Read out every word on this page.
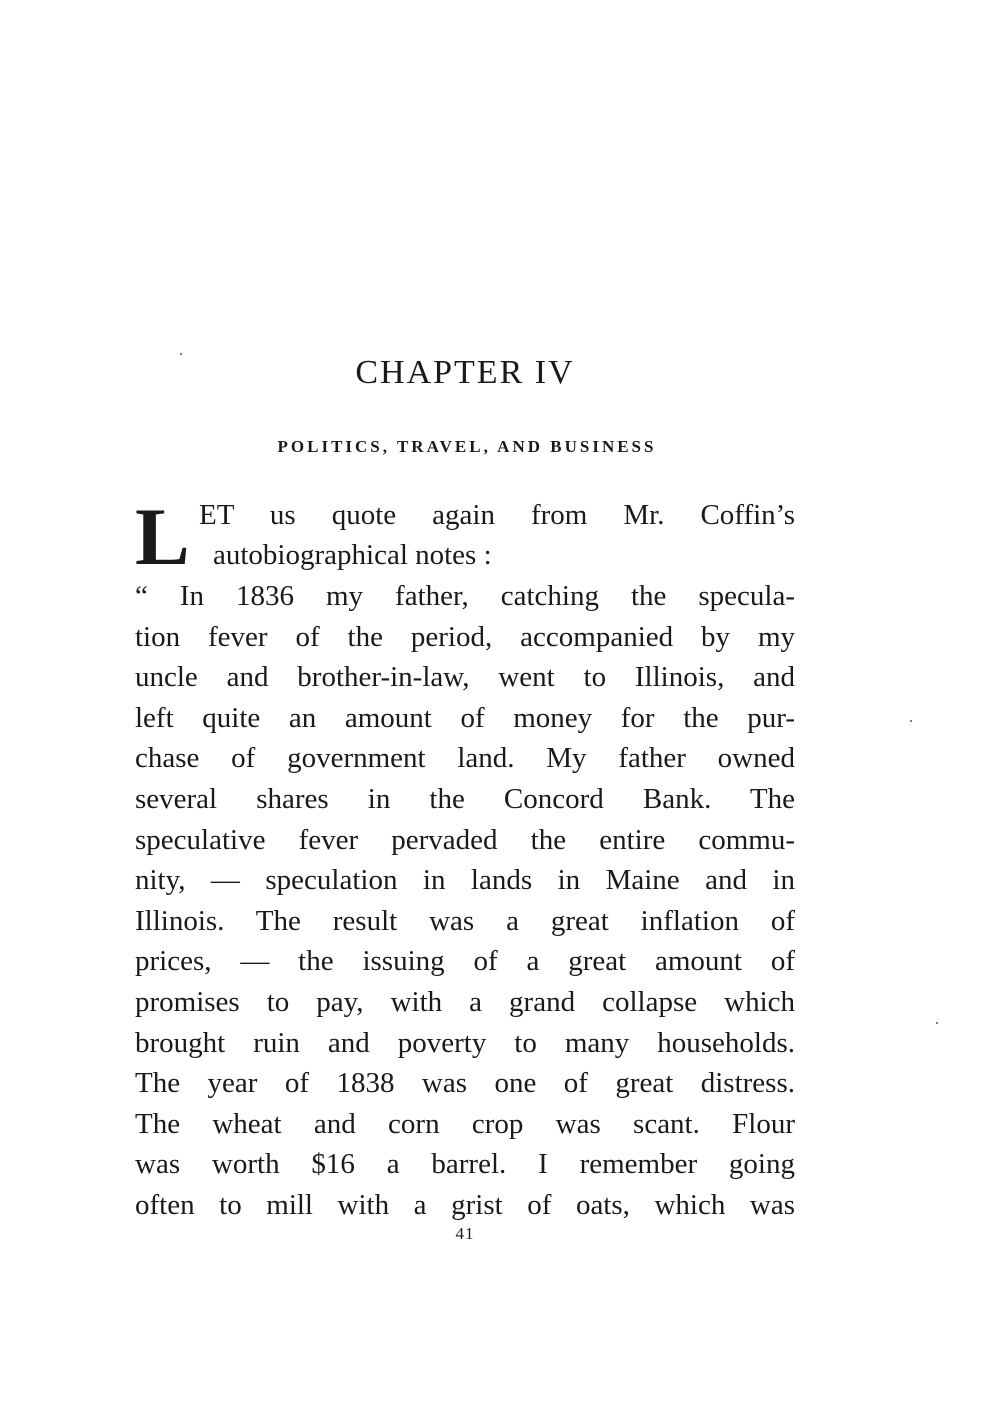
CHAPTER IV
POLITICS, TRAVEL, AND BUSINESS
L ET us quote again from Mr. Coffin’s
autobiographical notes :
“ In 1836 my father, catching the specula-
tion fever of the period, accompanied by my
uncle and brother-in-law, went to Illinois, and
left quite an amount of money for the pur-
chase of government land. My father owned
several shares in the Concord Bank. The
speculative fever pervaded the entire commu-
nity, — speculation in lands in Maine and in
Illinois. The result was a great inflation of
prices, — the issuing of a great amount of
promises to pay, with a grand collapse which
brought ruin and poverty to many households.
The year of 1838 was one of great distress.
The wheat and corn crop was scant. Flour
was worth $16 a barrel. I remember going
often to mill with a grist of oats, which was
41
